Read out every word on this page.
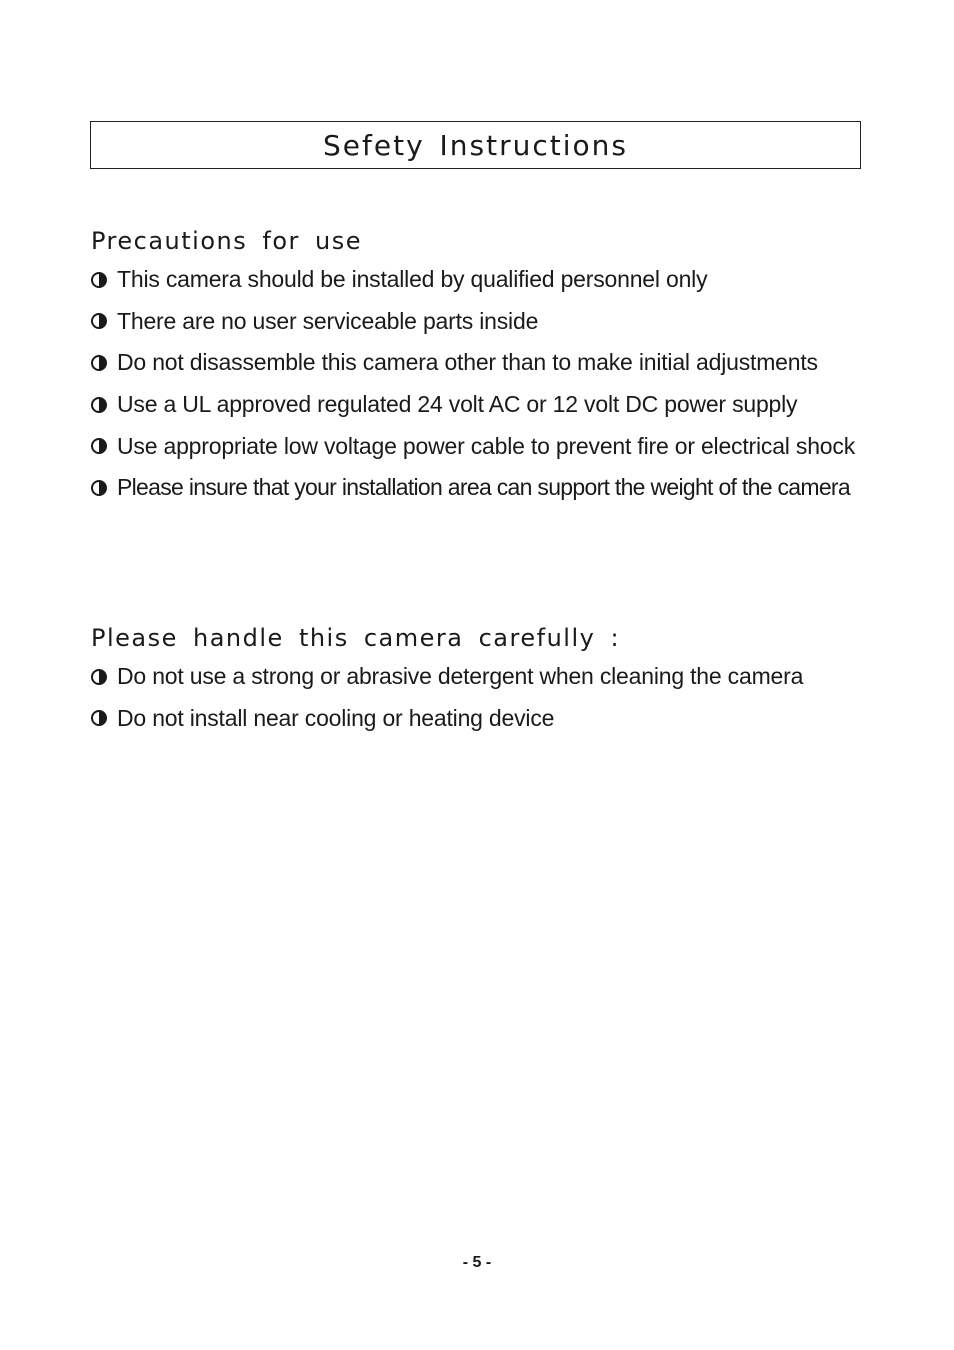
Sefety Instructions
Precautions for use
This camera should be installed by qualified personnel only
There are no user serviceable parts inside
Do not disassemble this camera other than to make initial adjustments
Use a UL approved regulated 24 volt AC or 12 volt DC power supply
Use appropriate low voltage power cable to prevent fire or electrical shock
Please insure that your installation area can support the weight of the camera
Please handle this camera carefully :
Do not use a strong or abrasive detergent when cleaning the camera
Do not install near cooling or heating device
- 5 -
